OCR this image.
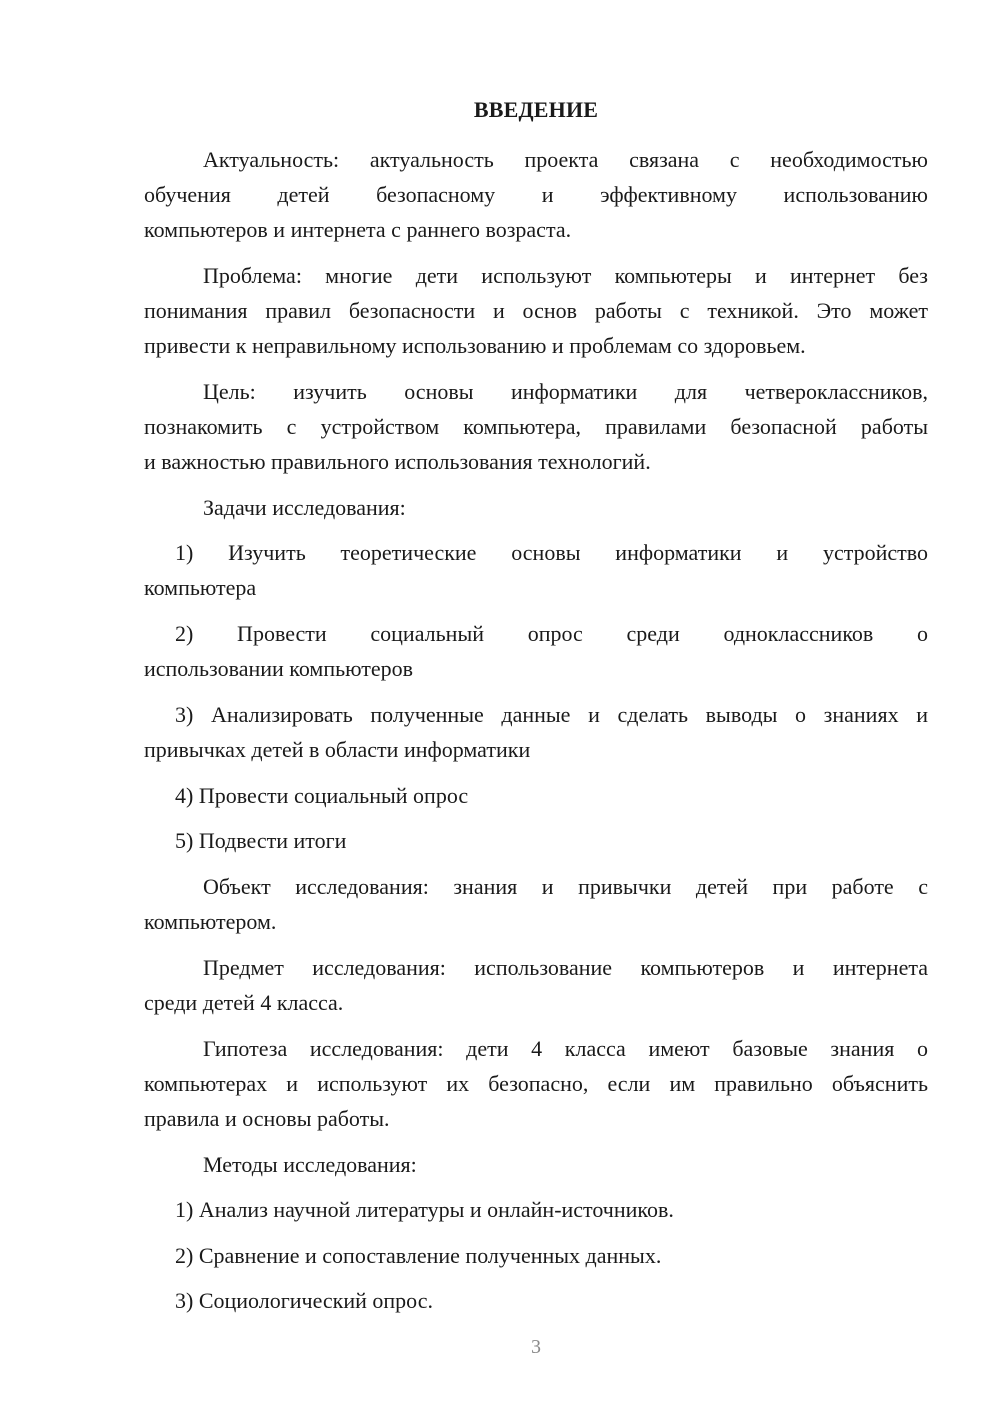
ВВЕДЕНИЕ
Актуальность: актуальность проекта связана с необходимостью
обучения детей безопасному и эффективному использованию
компьютеров и интернета с раннего возраста.
Проблема: многие дети используют компьютеры и интернет без
понимания правил безопасности и основ работы с техникой. Это может
привести к неправильному использованию и проблемам со здоровьем.
Цель: изучить основы информатики для четвероклассников,
познакомить с устройством компьютера, правилами безопасной работы
и важностью правильного использования технологий.
Задачи исследования:
1) Изучить теоретические основы информатики и устройство
компьютера
2) Провести социальный опрос среди одноклассников о
использовании компьютеров
3) Анализировать полученные данные и сделать выводы о знаниях и
привычках детей в области информатики
4) Провести социальный опрос
5) Подвести итоги
Объект исследования: знания и привычки детей при работе с
компьютером.
Предмет исследования: использование компьютеров и интернета
среди детей 4 класса.
Гипотеза исследования: дети 4 класса имеют базовые знания о
компьютерах и используют их безопасно, если им правильно объяснить
правила и основы работы.
Методы исследования:
1) Анализ научной литературы и онлайн-источников.
2) Сравнение и сопоставление полученных данных.
3) Социологический опрос.
3
